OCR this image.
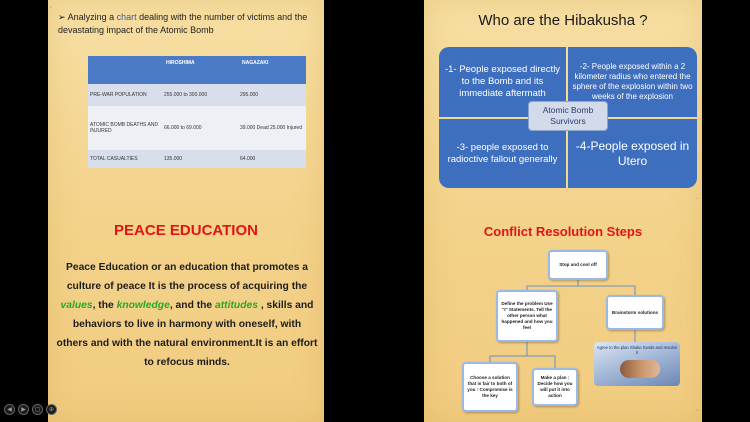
➢ Analyzing a chart dealing with the number of victims and the devastating impact of the Atomic Bomb
	HIROSHIMA	NAGAZAKI
PRE-WAR POPULATION	255.000 to 300.000	295.000
ATOMIC BOMB DEATHS AND INJURED	66.000 to 69.000	39.000 Dead 25.000 Injured
TOTAL CASUALTIES	135.000	64.000
PEACE EDUCATION
Peace Education or an education that promotes a culture of peace It is the process of acquiring the values, the knowledge, and the attitudes , skills and behaviors to live in harmony with oneself, with others and with the natural environment.It is an effort to refocus minds.
▫
Who are the Hibakusha ?
-1- People exposed directly to the Bomb and its immediate aftermath
-2- People exposed within a 2 kilometer radius who entered the sphere of the explosion within two weeks of the explosion
-3- people exposed to radioctive fallout generally
-4-People exposed in Utero
Atomic Bomb Survivors
Conflict Resolution Steps
Stop and cool off
Define the problem Use "I" Statements. Tell the other person what happened and how you feel
Brainstorm solutions
Choose a solution that is fair to both of you : Compromise is the key
Make a plan : Decide how you will put it into action
Agree to the plan Shake hands and resolve it
▫
▫
◀	▶	▢	⊕
